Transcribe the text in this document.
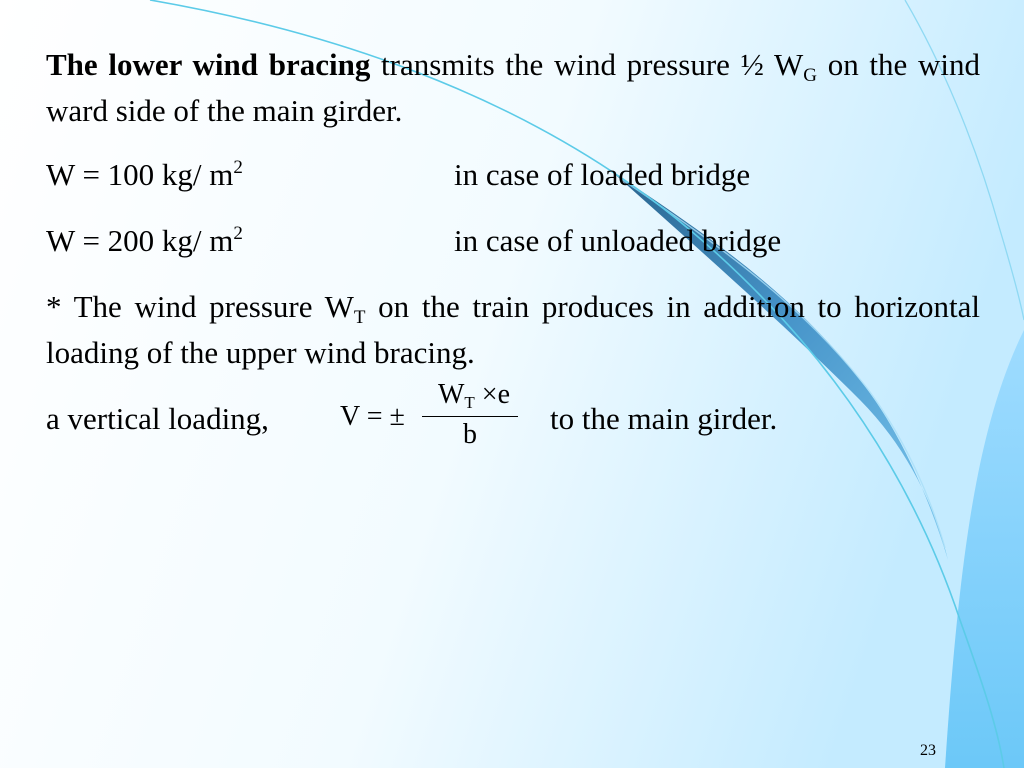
The lower wind bracing transmits the wind pressure ½ $W_G$ on the wind ward side of the main girder.

W = 100 kg/ $m^2$	in case of loaded bridge
W = 200 kg/ $m^2$	in case of unloaded bridge

* The wind pressure $W_T$ on the train produces in addition to horizontal loading of the upper wind bracing.

a vertical loading,	V = ±
$W_T \times e$
b	to the main girder.
23
